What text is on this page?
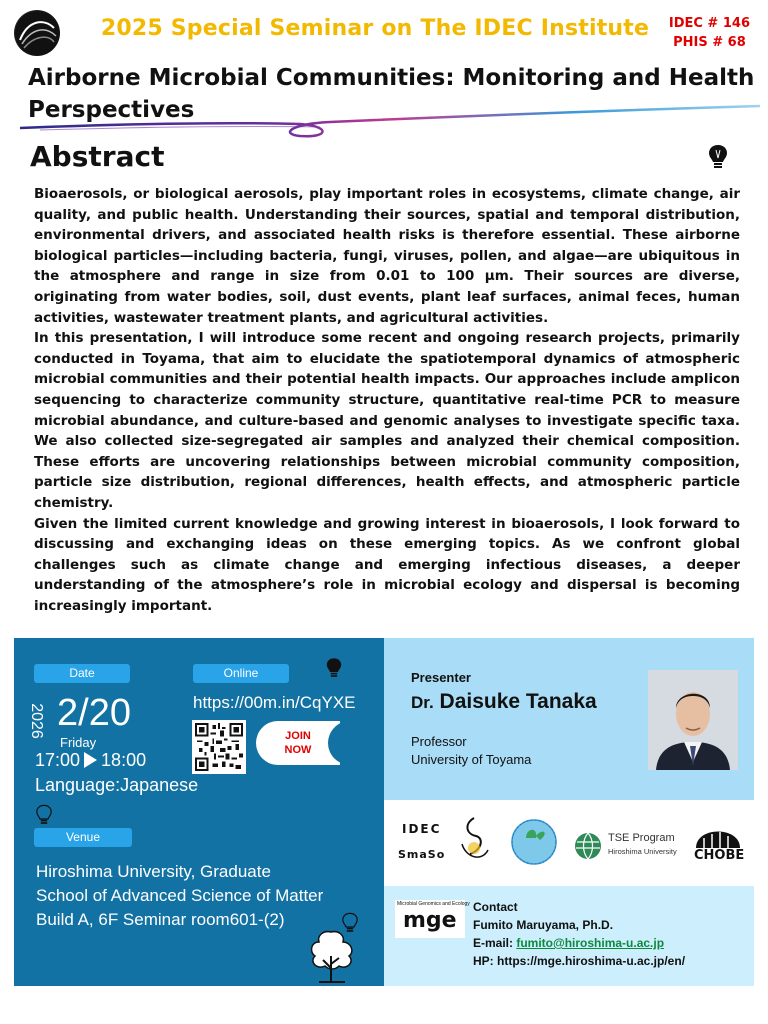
2025 Special Seminar on The IDEC Institute	IDEC # 146
PHIS # 68
Airborne Microbial Communities: Monitoring and Health Perspectives
Abstract

Bioaerosols, or biological aerosols, play important roles in ecosystems, climate change, air quality, and public health. Understanding their sources, spatial and temporal distribution, environmental drivers, and associated health risks is therefore essential. These airborne biological particles—including bacteria, fungi, viruses, pollen, and algae—are ubiquitous in the atmosphere and range in size from 0.01 to 100 µm. Their sources are diverse, originating from water bodies, soil, dust events, plant leaf surfaces, animal feces, human activities, wastewater treatment plants, and agricultural activities.

In this presentation, I will introduce some recent and ongoing research projects, primarily conducted in Toyama, that aim to elucidate the spatiotemporal dynamics of atmospheric microbial communities and their potential health impacts. Our approaches include amplicon sequencing to characterize community structure, quantitative real-time PCR to measure microbial abundance, and culture-based and genomic analyses to investigate specific taxa. We also collected size-segregated air samples and analyzed their chemical composition. These efforts are uncovering relationships between microbial community composition, particle size distribution, regional differences, health effects, and atmospheric particle chemistry.

Given the limited current knowledge and growing interest in bioaerosols, I look forward to discussing and exchanging ideas on these emerging topics. As we confront global challenges such as climate change and emerging infectious diseases, a deeper understanding of the atmosphere’s role in microbial ecology and dispersal is becoming increasingly important.

Date	Online
2026 2/20
Friday
17:00 18:00
Language:Japanese
https://00m.in/CqYXE
JOIN
NOW
Venue
Hiroshima University, Graduate School of Advanced Science of Matter Build A, 6F Seminar room601-(2)
Presenter
Dr. Daisuke Tanaka
Professor
University of Toyama
IDEC
SmaSo
TSE Program
Hiroshima University CHOBE
Microbial Genomics and Ecology
mge
Contact
Fumito Maruyama, Ph.D.
E-mail: fumito@hiroshima-u.ac.jp
HP: https://mge.hiroshima-u.ac.jp/en/
